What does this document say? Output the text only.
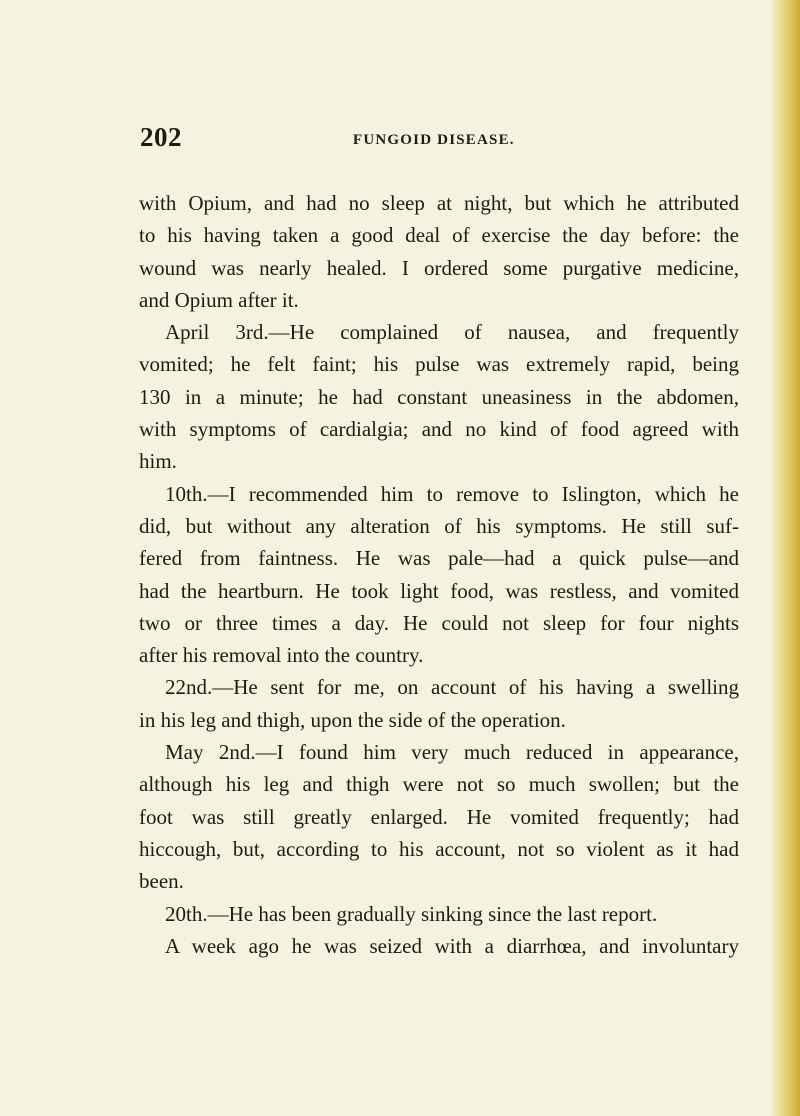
202	FUNGOID DISEASE.
with Opium, and had no sleep at night, but which he attributed
to his having taken a good deal of exercise the day before: the
wound was nearly healed. I ordered some purgative medicine,
and Opium after it.
April 3rd.—He complained of nausea, and frequently
vomited; he felt faint; his pulse was extremely rapid, being
130 in a minute; he had constant uneasiness in the abdomen,
with symptoms of cardialgia; and no kind of food agreed with
him.
10th.—I recommended him to remove to Islington, which he
did, but without any alteration of his symptoms. He still suf-
fered from faintness. He was pale—had a quick pulse—and
had the heartburn. He took light food, was restless, and vomited
two or three times a day. He could not sleep for four nights
after his removal into the country.
22nd.—He sent for me, on account of his having a swelling
in his leg and thigh, upon the side of the operation.
May 2nd.—I found him very much reduced in appearance,
although his leg and thigh were not so much swollen; but the
foot was still greatly enlarged. He vomited frequently; had
hiccough, but, according to his account, not so violent as it had
been.
20th.—He has been gradually sinking since the last report.
A week ago he was seized with a diarrhœa, and involuntary
